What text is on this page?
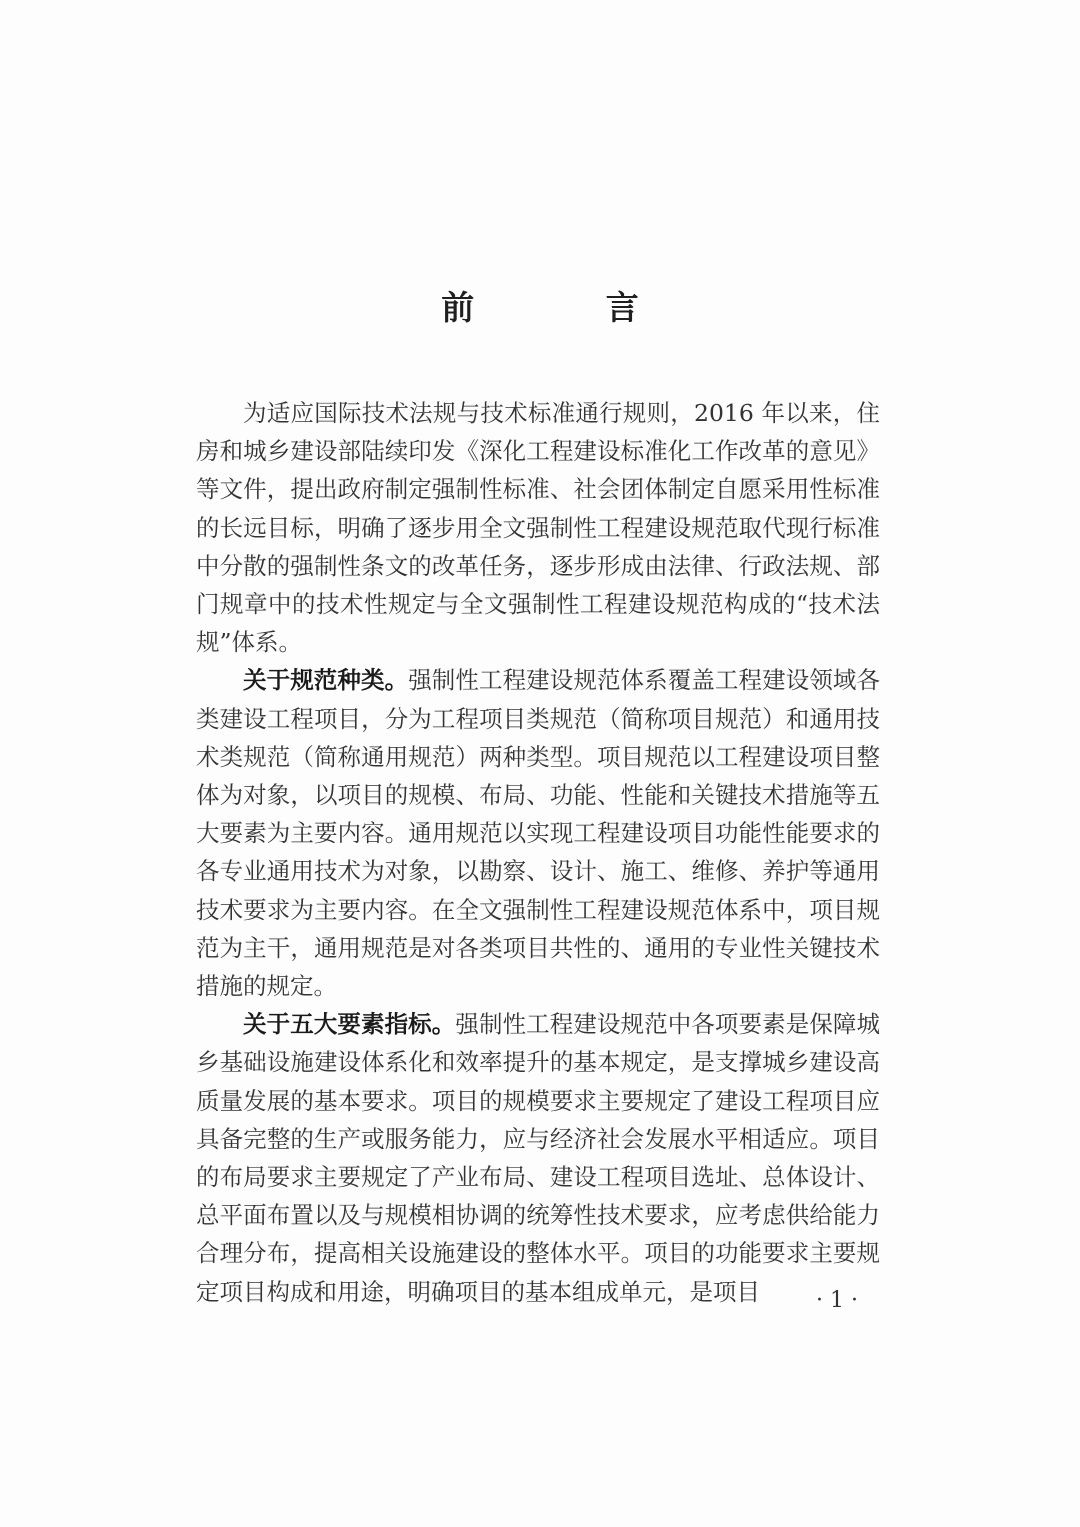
前 言

为适应国际技术法规与技术标准通行规则，2016 年以来，住房和城乡建设部陆续印发《深化工程建设标准化工作改革的意见》等文件，提出政府制定强制性标准、社会团体制定自愿采用性标准的长远目标，明确了逐步用全文强制性工程建设规范取代现行标准中分散的强制性条文的改革任务，逐步形成由法律、行政法规、部门规章中的技术性规定与全文强制性工程建设规范构成的“技术法规”体系。

关于规范种类。强制性工程建设规范体系覆盖工程建设领域各类建设工程项目，分为工程项目类规范（简称项目规范）和通用技术类规范（简称通用规范）两种类型。项目规范以工程建设项目整体为对象，以项目的规模、布局、功能、性能和关键技术措施等五大要素为主要内容。通用规范以实现工程建设项目功能性能要求的各专业通用技术为对象，以勘察、设计、施工、维修、养护等通用技术要求为主要内容。在全文强制性工程建设规范体系中，项目规范为主干，通用规范是对各类项目共性的、通用的专业性关键技术措施的规定。

关于五大要素指标。强制性工程建设规范中各项要素是保障城乡基础设施建设体系化和效率提升的基本规定，是支撑城乡建设高质量发展的基本要求。项目的规模要求主要规定了建设工程项目应具备完整的生产或服务能力，应与经济社会发展水平相适应。项目的布局要求主要规定了产业布局、建设工程项目选址、总体设计、总平面布置以及与规模相协调的统筹性技术要求，应考虑供给能力合理分布，提高相关设施建设的整体水平。项目的功能要求主要规定项目构成和用途，明确项目的基本组成单元，是项目	· 1 ·
